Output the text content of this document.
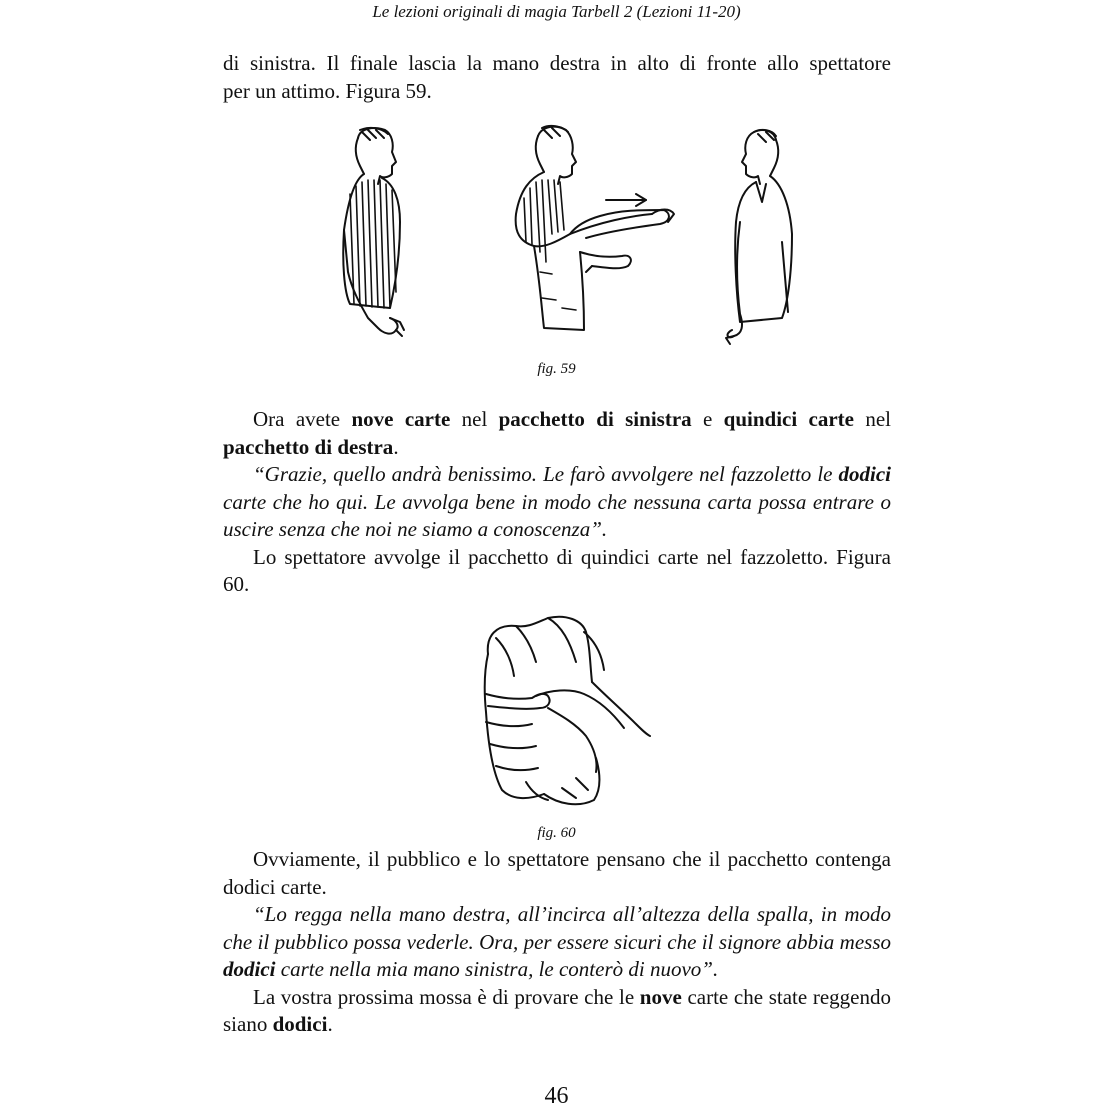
Le lezioni originali di magia Tarbell 2 (Lezioni 11-20)

di sinistra. Il finale lascia la mano destra in alto di fronte allo spettatore

per un attimo. Figura 59.

fig. 59

Ora avete nove carte nel pacchetto di sinistra e quindici carte nel pacchetto di destra.

“Grazie, quello andrà benissimo. Le farò avvolgere nel fazzoletto le dodici carte che ho qui. Le avvolga bene in modo che nessuna carta possa entrare o uscire senza che noi ne siamo a conoscenza”.

Lo spettatore avvolge il pacchetto di quindici carte nel fazzoletto. Figura 60.

fig. 60

Ovviamente, il pubblico e lo spettatore pensano che il pacchetto contenga dodici carte.

“Lo regga nella mano destra, all’incirca all’altezza della spalla, in modo che il pubblico possa vederle. Ora, per essere sicuri che il signore abbia messo dodici carte nella mia mano sinistra, le conterò di nuovo”.

La vostra prossima mossa è di provare che le nove carte che state reggendo siano dodici.

46
